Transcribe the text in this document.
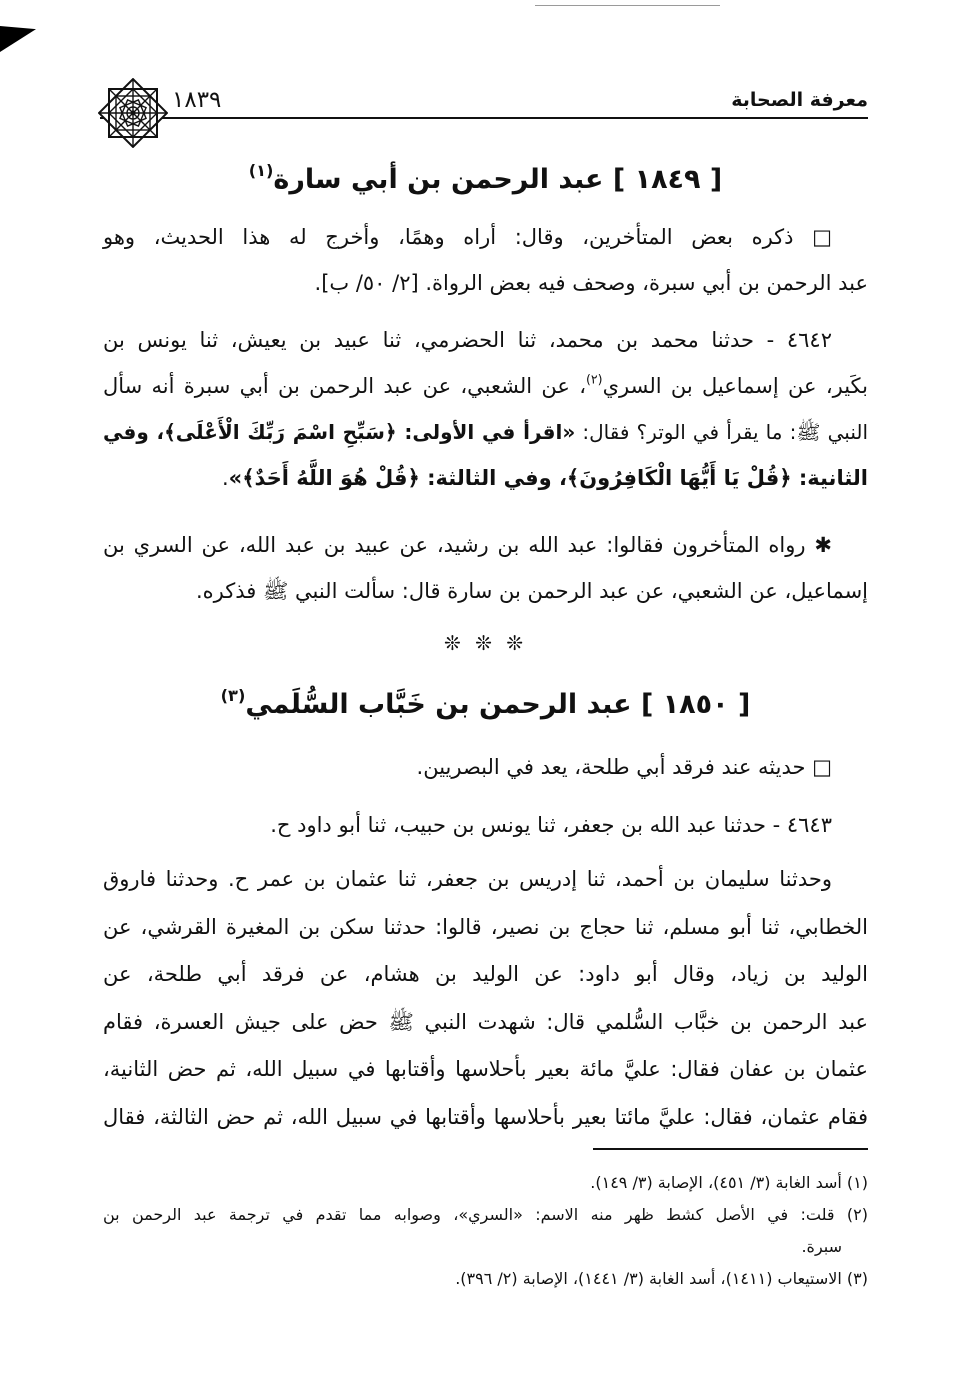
معرفة الصحابة
١٨٣٩
[ ١٨٤٩ ] عبد الرحمن بن أبي سارة$^{(١)}$
□ ذكره بعض المتأخرين، وقال: أراه وهمًا، وأخرج له هذا الحديث، وهو
عبد الرحمن بن أبي سبرة، وصحف فيه بعض الرواة. [٢/ ٥٠/ ب].
٤٦٤٢ - حدثنا محمد بن محمد، ثنا الحضرمي، ثنا عبيد بن يعيش، ثنا يونس بن
بكَير، عن إسماعيل بن السري$^{(٢)}$، عن الشعبي، عن عبد الرحمن بن أبي سبرة أنه سأل
النبي ﷺ: ما يقرأ في الوتر؟ فقال: «اقرأ في الأولى: ﴿سَبِّحِ اسْمَ رَبِّكَ الْأَعْلَى﴾، وفي
الثانية: ﴿قُلْ يَا أَيُّهَا الْكَافِرُونَ﴾، وفي الثالثة: ﴿قُلْ هُوَ اللَّهُ أَحَدٌ﴾».
✱ رواه المتأخرون فقالوا: عبد الله بن رشيد، عن عبيد بن عبد الله، عن السري بن
إسماعيل، عن الشعبي، عن عبد الرحمن بن سارة قال: سألت النبي ﷺ فذكره.
❊ ❊ ❊
[ ١٨٥٠ ] عبد الرحمن بن خَبَّاب السُّلَمي$^{(٣)}$
□ حديثه عند فرقد أبي طلحة، يعد في البصريين.
٤٦٤٣ - حدثنا عبد الله بن جعفر، ثنا يونس بن حبيب، ثنا أبو داود ح.
وحدثنا سليمان بن أحمد، ثنا إدريس بن جعفر، ثنا عثمان بن عمر ح. وحدثنا فاروق
الخطابي، ثنا أبو مسلم، ثنا حجاج بن نصير، قالوا: حدثنا سكن بن المغيرة القرشي، عن
الوليد بن زياد، وقال أبو داود: عن الوليد بن هشام، عن فرقد أبي طلحة، عن
عبد الرحمن بن خبَّاب السُّلمي قال: شهدت النبي ﷺ حض على جيش العسرة، فقام
عثمان بن عفان فقال: عليَّ مائة بعير بأحلاسها وأقتابها في سبيل الله، ثم حض الثانية،
فقام عثمان، فقال: عليَّ مائتا بعير بأحلاسها وأقتابها في سبيل الله، ثم حض الثالثة، فقال
(١) أسد الغابة (٣/ ٤٥١)، الإصابة (٣/ ١٤٩).
(٢) قلت: في الأصل كشط ظهر منه الاسم: «السري»، وصوابه مما تقدم في ترجمة عبد الرحمن بن
سبرة.
(٣) الاستيعاب (١٤١١)، أسد الغابة (٣/ ١٤٤١)، الإصابة (٢/ ٣٩٦).
